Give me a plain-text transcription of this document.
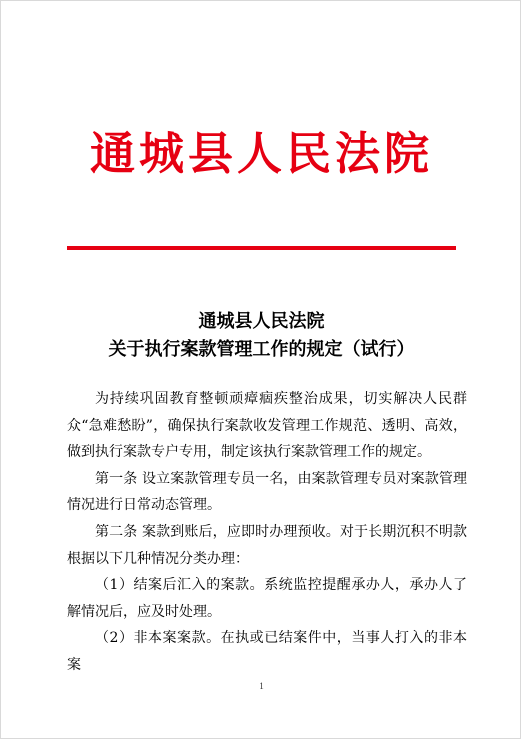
通城县人民法院
通城县人民法院
关于执行案款管理工作的规定（试行）

为持续巩固教育整顿顽瘴痼疾整治成果，切实解决人民群众“急难愁盼”，确保执行案款收发管理工作规范、透明、高效，做到执行案款专户专用，制定该执行案款管理工作的规定。

第一条 设立案款管理专员一名，由案款管理专员对案款管理情况进行日常动态管理。

第二条 案款到账后，应即时办理预收。对于长期沉积不明款根据以下几种情况分类办理：

（1）结案后汇入的案款。系统监控提醒承办人，承办人了解情况后，应及时处理。

（2）非本案案款。在执或已结案件中，当事人打入的非本案

1
